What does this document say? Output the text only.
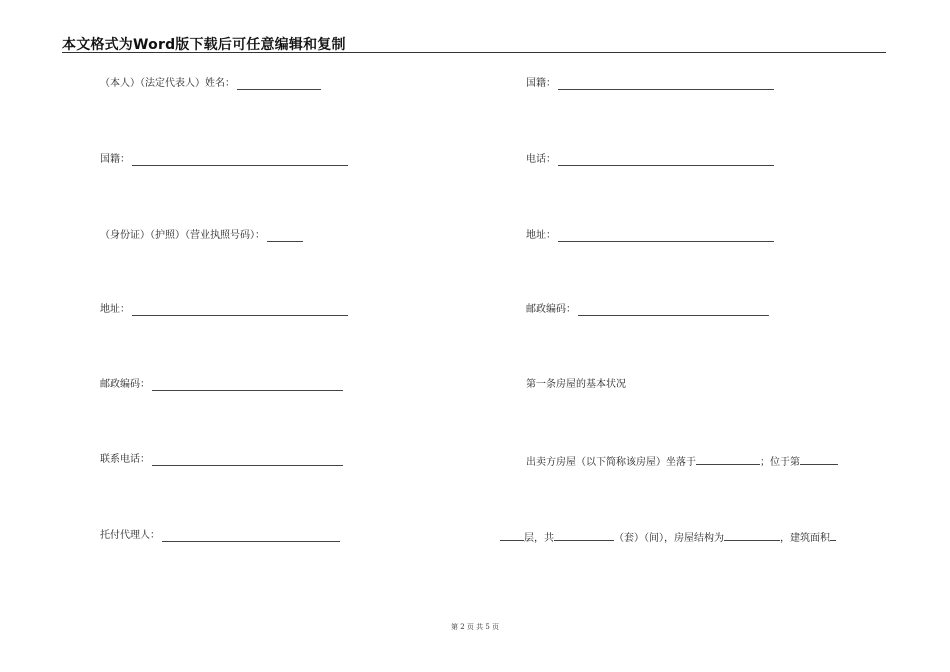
本文格式为Word版下载后可任意编辑和复制
（本人）（法定代表人）姓名：
国籍：
（身份证）（护照）（营业执照号码）：
地址：
邮政编码：
联系电话：
托付代理人：
国籍：
电话：
地址：
邮政编码：
第一条房屋的基本状况
出卖方房屋（以下简称该房屋）坐落于	；位于第
层，共	（套）（间），房屋结构为	，建筑面积
第 2 页 共 5 页
